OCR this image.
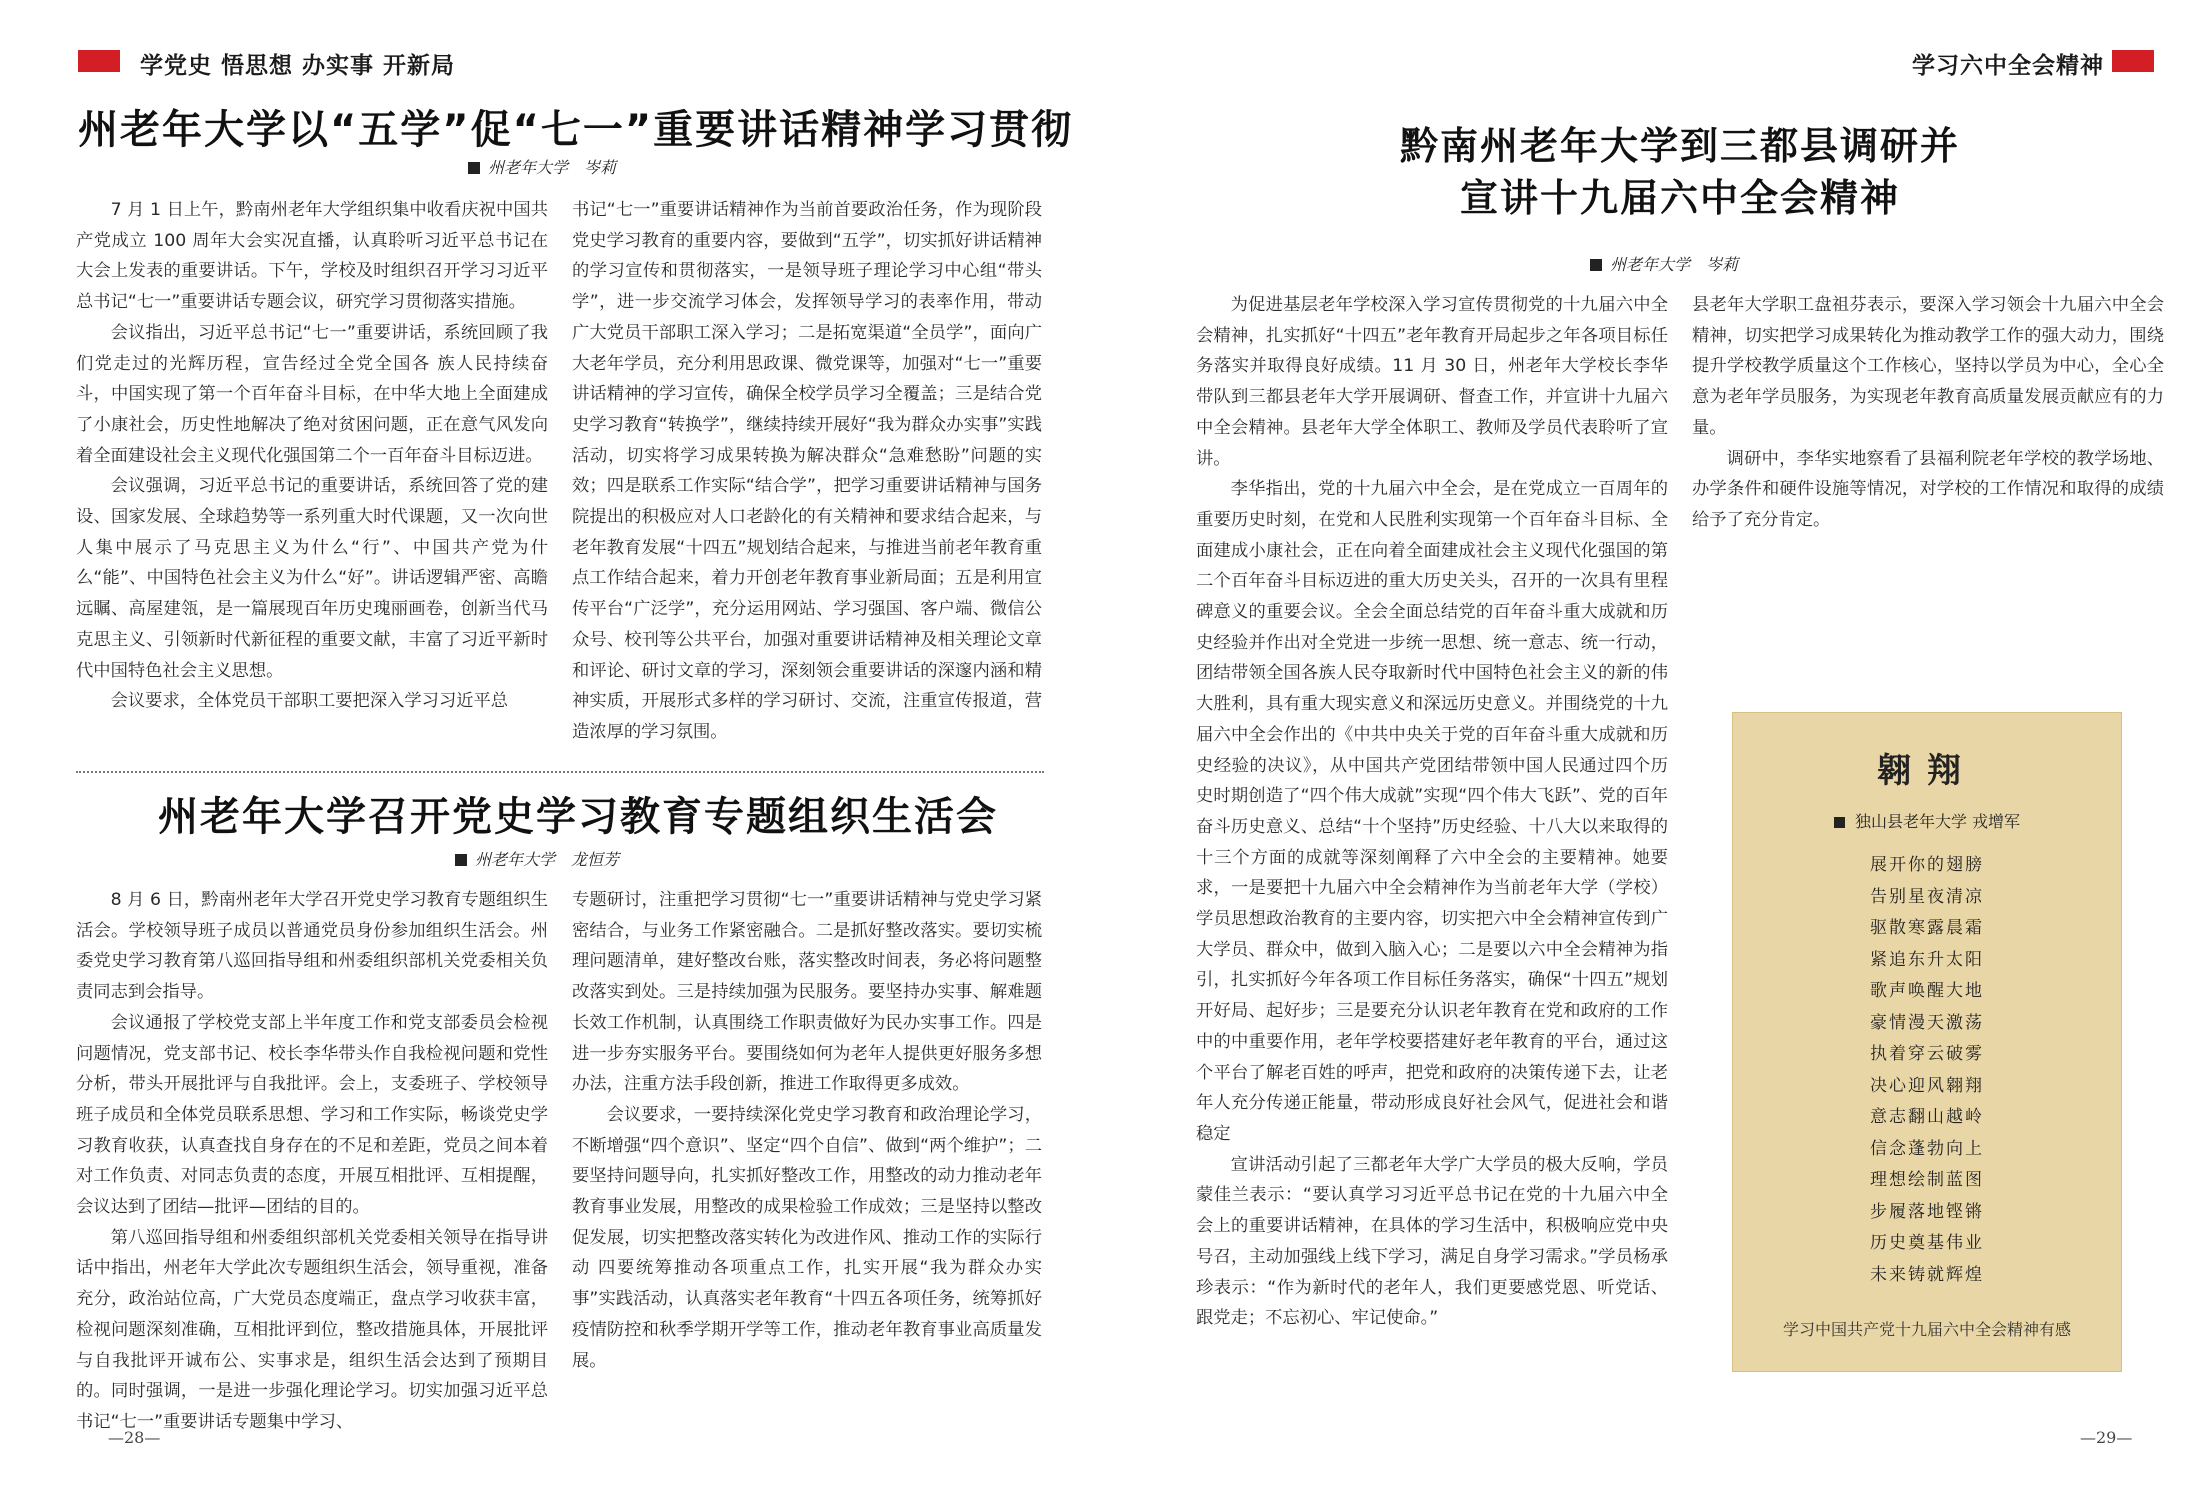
学党史 悟思想 办实事 开新局	学习六中全会精神
州老年大学以“五学”促“七一”重要讲话精神学习贯彻
州老年大学　岑莉

7 月 1 日上午，黔南州老年大学组织集中收看庆祝中国共产党成立 100 周年大会实况直播，认真聆听习近平总书记在大会上发表的重要讲话。下午，学校及时组织召开学习习近平总书记“七一”重要讲话专题会议，研究学习贯彻落实措施。

会议指出，习近平总书记“七一”重要讲话，系统回顾了我们党走过的光辉历程，宣告经过全党全国各 族人民持续奋斗，中国实现了第一个百年奋斗目标，在中华大地上全面建成了小康社会，历史性地解决了绝对贫困问题，正在意气风发向着全面建设社会主义现代化强国第二个一百年奋斗目标迈进。

会议强调，习近平总书记的重要讲话，系统回答了党的建设、国家发展、全球趋势等一系列重大时代课题，又一次向世人集中展示了马克思主义为什么“行”、中国共产党为什么“能”、中国特色社会主义为什么“好”。讲话逻辑严密、高瞻远瞩、高屋建瓴，是一篇展现百年历史瑰丽画卷，创新当代马克思主义、引领新时代新征程的重要文献，丰富了习近平新时代中国特色社会主义思想。

会议要求，全体党员干部职工要把深入学习习近平总

书记“七一”重要讲话精神作为当前首要政治任务，作为现阶段党史学习教育的重要内容，要做到“五学”，切实抓好讲话精神的学习宣传和贯彻落实，一是领导班子理论学习中心组“带头学”，进一步交流学习体会，发挥领导学习的表率作用，带动广大党员干部职工深入学习；二是拓宽渠道“全员学”，面向广大老年学员，充分利用思政课、微党课等，加强对“七一”重要讲话精神的学习宣传，确保全校学员学习全覆盖；三是结合党史学习教育“转换学”，继续持续开展好“我为群众办实事”实践活动，切实将学习成果转换为解决群众“急难愁盼”问题的实效；四是联系工作实际“结合学”，把学习重要讲话精神与国务院提出的积极应对人口老龄化的有关精神和要求结合起来，与老年教育发展“十四五”规划结合起来，与推进当前老年教育重点工作结合起来，着力开创老年教育事业新局面；五是利用宣传平台“广泛学”，充分运用网站、学习强国、客户端、微信公众号、校刊等公共平台，加强对重要讲话精神及相关理论文章和评论、研讨文章的学习，深刻领会重要讲话的深邃内涵和精神实质，开展形式多样的学习研讨、交流，注重宣传报道，营造浓厚的学习氛围。

州老年大学召开党史学习教育专题组织生活会
州老年大学　龙恒芳

8 月 6 日，黔南州老年大学召开党史学习教育专题组织生活会。学校领导班子成员以普通党员身份参加组织生活会。州委党史学习教育第八巡回指导组和州委组织部机关党委相关负责同志到会指导。

会议通报了学校党支部上半年度工作和党支部委员会检视问题情况，党支部书记、校长李华带头作自我检视问题和党性分析，带头开展批评与自我批评。会上，支委班子、学校领导班子成员和全体党员联系思想、学习和工作实际，畅谈党史学习教育收获，认真查找自身存在的不足和差距，党员之间本着对工作负责、对同志负责的态度，开展互相批评、互相提醒，会议达到了团结—批评—团结的目的。

第八巡回指导组和州委组织部机关党委相关领导在指导讲话中指出，州老年大学此次专题组织生活会，领导重视，准备充分，政治站位高，广大党员态度端正，盘点学习收获丰富，检视问题深刻准确，互相批评到位，整改措施具体，开展批评与自我批评开诚布公、实事求是，组织生活会达到了预期目的。同时强调，一是进一步强化理论学习。切实加强习近平总书记“七一”重要讲话专题集中学习、

专题研讨，注重把学习贯彻“七一”重要讲话精神与党史学习紧密结合，与业务工作紧密融合。二是抓好整改落实。要切实梳理问题清单，建好整改台账，落实整改时间表，务必将问题整改落实到处。三是持续加强为民服务。要坚持办实事、解难题长效工作机制，认真围绕工作职责做好为民办实事工作。四是进一步夯实服务平台。要围绕如何为老年人提供更好服务多想办法，注重方法手段创新，推进工作取得更多成效。

会议要求，一要持续深化党史学习教育和政治理论学习，不断增强“四个意识”、坚定“四个自信”、做到“两个维护”；二要坚持问题导向，扎实抓好整改工作，用整改的动力推动老年教育事业发展，用整改的成果检验工作成效；三是坚持以整改促发展，切实把整改落实转化为改进作风、推动工作的实际行动 四要统筹推动各项重点工作，扎实开展“我为群众办实事”实践活动，认真落实老年教育“十四五各项任务，统筹抓好疫情防控和秋季学期开学等工作，推动老年教育事业高质量发展。

—28—
黔南州老年大学到三都县调研并
宣讲十九届六中全会精神
州老年大学　岑莉

为促进基层老年学校深入学习宣传贯彻党的十九届六中全会精神，扎实抓好“十四五”老年教育开局起步之年各项目标任务落实并取得良好成绩。11 月 30 日，州老年大学校长李华带队到三都县老年大学开展调研、督查工作，并宣讲十九届六中全会精神。县老年大学全体职工、教师及学员代表聆听了宣讲。

李华指出，党的十九届六中全会，是在党成立一百周年的重要历史时刻，在党和人民胜利实现第一个百年奋斗目标、全面建成小康社会，正在向着全面建成社会主义现代化强国的第二个百年奋斗目标迈进的重大历史关头，召开的一次具有里程碑意义的重要会议。全会全面总结党的百年奋斗重大成就和历史经验并作出对全党进一步统一思想、统一意志、统一行动，团结带领全国各族人民夺取新时代中国特色社会主义的新的伟大胜利，具有重大现实意义和深远历史意义。并围绕党的十九届六中全会作出的《中共中央关于党的百年奋斗重大成就和历史经验的决议》，从中国共产党团结带领中国人民通过四个历史时期创造了“四个伟大成就”实现“四个伟大飞跃”、党的百年奋斗历史意义、总结“十个坚持”历史经验、十八大以来取得的十三个方面的成就等深刻阐释了六中全会的主要精神。她要求，一是要把十九届六中全会精神作为当前老年大学（学校）学员思想政治教育的主要内容，切实把六中全会精神宣传到广大学员、群众中，做到入脑入心；二是要以六中全会精神为指引，扎实抓好今年各项工作目标任务落实，确保“十四五”规划开好局、起好步；三是要充分认识老年教育在党和政府的工作中的中重要作用，老年学校要搭建好老年教育的平台，通过这个平台了解老百姓的呼声，把党和政府的决策传递下去，让老年人充分传递正能量，带动形成良好社会风气，促进社会和谐稳定

宣讲活动引起了三都老年大学广大学员的极大反响，学员蒙佳兰表示：“要认真学习习近平总书记在党的十九届六中全会上的重要讲话精神，在具体的学习生活中，积极响应党中央号召，主动加强线上线下学习，满足自身学习需求。”学员杨承珍表示：“作为新时代的老年人，我们更要感党恩、听党话、跟党走；不忘初心、牢记使命。”

县老年大学职工盘祖芬表示，要深入学习领会十九届六中全会精神，切实把学习成果转化为推动教学工作的强大动力，围绕提升学校教学质量这个工作核心，坚持以学员为中心，全心全意为老年学员服务，为实现老年教育高质量发展贡献应有的力量。

调研中，李华实地察看了县福利院老年学校的教学场地、办学条件和硬件设施等情况，对学校的工作情况和取得的成绩给予了充分肯定。

翱翔
独山县老年大学 戎增军
展开你的翅膀
告别星夜清凉
驱散寒露晨霜
紧追东升太阳
歌声唤醒大地
豪情漫天激荡
执着穿云破雾
决心迎风翱翔
意志翻山越岭
信念蓬勃向上
理想绘制蓝图
步履落地铿锵
历史奠基伟业
未来铸就辉煌
学习中国共产党十九届六中全会精神有感
—29—
